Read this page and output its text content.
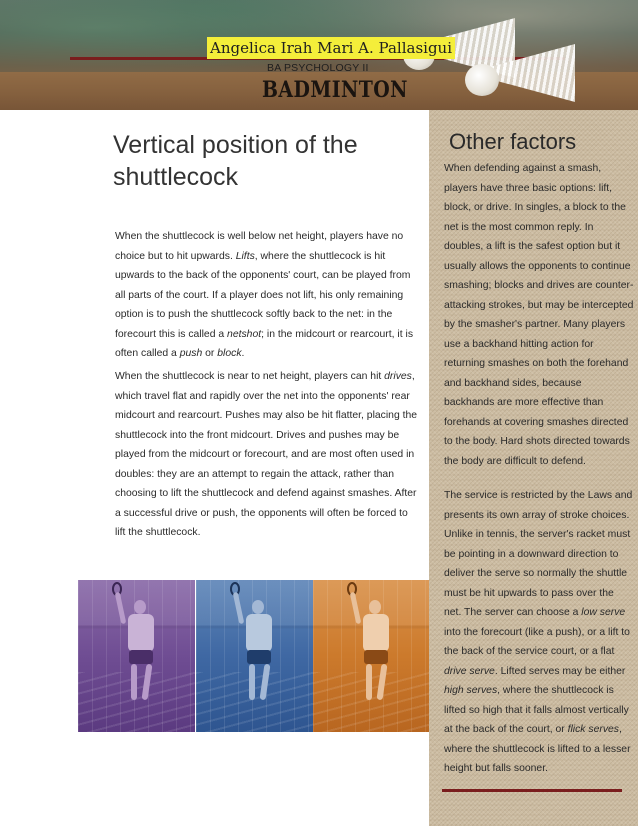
Angelica Irah Mari A. Pallasigui
BA PSYCHOLOGY II
BADMINTON
Vertical position of the shuttlecock

When the shuttlecock is well below net height, players have no choice but to hit upwards. Lifts, where the shuttlecock is hit upwards to the back of the opponents' court, can be played from all parts of the court. If a player does not lift, his only remaining option is to push the shuttlecock softly back to the net: in the forecourt this is called a netshot; in the midcourt or rearcourt, it is often called a push or block.

When the shuttlecock is near to net height, players can hit drives, which travel flat and rapidly over the net into the opponents' rear midcourt and rearcourt. Pushes may also be hit flatter, placing the shuttlecock into the front midcourt. Drives and pushes may be played from the midcourt or forecourt, and are most often used in doubles: they are an attempt to regain the attack, rather than choosing to lift the shuttlecock and defend against smashes. After a successful drive or push, the opponents will often be forced to lift the shuttlecock.

Other factors

When defending against a smash, players have three basic options: lift, block, or drive. In singles, a block to the net is the most common reply. In doubles, a lift is the safest option but it usually allows the opponents to continue smashing; blocks and drives are counter-attacking strokes, but may be intercepted by the smasher's partner. Many players use a backhand hitting action for returning smashes on both the forehand and backhand sides, because backhands are more effective than forehands at covering smashes directed to the body. Hard shots directed towards the body are difficult to defend.

The service is restricted by the Laws and presents its own array of stroke choices. Unlike in tennis, the server's racket must be pointing in a downward direction to deliver the serve so normally the shuttle must be hit upwards to pass over the net. The server can choose a low serve into the forecourt (like a push), or a lift to the back of the service court, or a flat drive serve. Lifted serves may be either high serves, where the shuttlecock is lifted so high that it falls almost vertically at the back of the court, or flick serves, where the shuttlecock is lifted to a lesser height but falls sooner.
